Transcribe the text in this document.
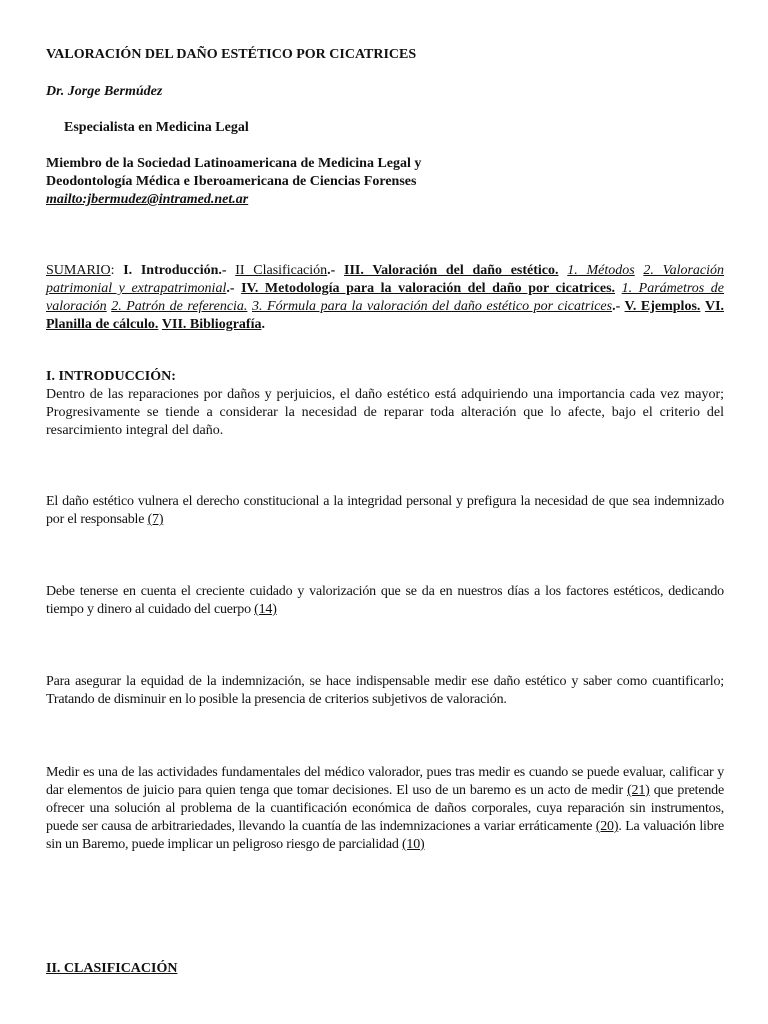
VALORACIÓN DEL DAÑO ESTÉTICO POR CICATRICES

Dr. Jorge Bermúdez

Especialista en Medicina Legal

Miembro de la Sociedad Latinoamericana de Medicina Legal y

Deodontología Médica e Iberoamericana de Ciencias Forenses

mailto:jbermudez@intramed.net.ar

SUMARIO: I. Introducción.- II Clasificación.- III. Valoración del daño estético. 1. Métodos 2. Valoración patrimonial y extrapatrimonial.- IV. Metodología para la valoración del daño por cicatrices. 1. Parámetros de valoración 2. Patrón de referencia. 3. Fórmula para la valoración del daño estético por cicatrices.- V. Ejemplos. VI. Planilla de cálculo. VII. Bibliografía.

I. INTRODUCCIÓN:

Dentro de las reparaciones por daños y perjuicios, el daño estético está adquiriendo una importancia cada vez mayor; Progresivamente se tiende a considerar la necesidad de reparar toda alteración que lo afecte, bajo el criterio del resarcimiento integral del daño.

El daño estético vulnera el derecho constitucional a la integridad personal y prefigura la necesidad de que sea indemnizado por el responsable (7)

Debe tenerse en cuenta el creciente cuidado y valorización que se da en nuestros días a los factores estéticos, dedicando tiempo y dinero al cuidado del cuerpo (14)

Para asegurar la equidad de la indemnización, se hace indispensable medir ese daño estético y saber como cuantificarlo; Tratando de disminuir en lo posible la presencia de criterios subjetivos de valoración.

Medir es una de las actividades fundamentales del médico valorador, pues tras medir es cuando se puede evaluar, calificar y dar elementos de juicio para quien tenga que tomar decisiones. El uso de un baremo es un acto de medir (21) que pretende ofrecer una solución al problema de la cuantificación económica de daños corporales, cuya reparación sin instrumentos, puede ser causa de arbitrariedades, llevando la cuantía de las indemnizaciones a variar erráticamente (20). La valuación libre sin un Baremo, puede implicar un peligroso riesgo de parcialidad (10)

II. CLASIFICACIÓN
